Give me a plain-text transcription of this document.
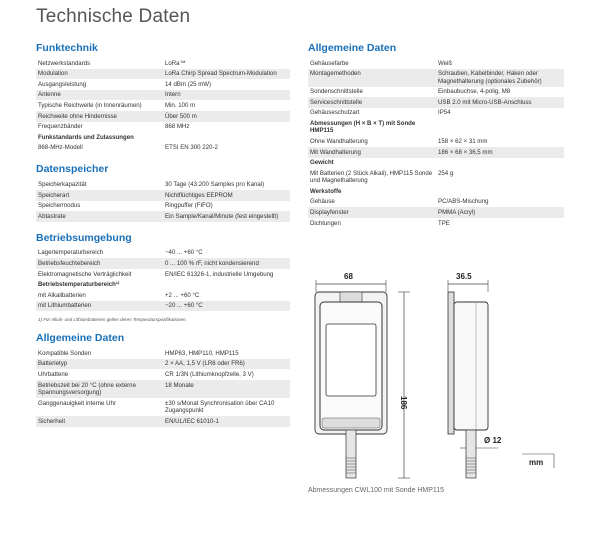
Technische Daten
Funktechnik
Netzwerkstandards	LoRa™
Modulation	LoRa Chirp Spread Spectrum-Modulation
Ausgangsleistung	14 dBm (25 mW)
Antenne	Intern
Typische Reichweite (in Innenräumen)	Min. 100 m
Reichweite ohne Hindernisse	Über 500 m
Frequenzbänder	868 MHz
Funkstandards und Zulassungen	
868-MHz-Modell	ETSI EN 300 220-2
Datenspeicher
Speicherkapazität	30 Tage (43.200 Samples pro Kanal)
Speicherart	Nichtflüchtiges EEPROM
Speichermodus	Ringpuffer (FIFO)
Abtastrate	Ein Sample/Kanal/Minute (fest eingestellt)
Betriebsumgebung
Lagertemperaturbereich	−40 ... +60 °C
Betriebsfeuchtebereich	0 ... 100 % rF, nicht kondensierend
Elektromagnetische Verträglichkeit	EN/IEC 61326-1, industrielle Umgebung
Betriebstemperaturbereich¹⁾	
mit Alkalibatterien	+2 ... +60 °C
mit Lithiumbatterien	−20 ... +60 °C
1) Für Alkali- und Lithiumbatterien gelten deren Temperaturspezifikationen.
Allgemeine Daten
Kompatible Sonden	HMP63, HMP110, HMP115
Batterietyp	2 × AA, 1,5 V (LR6 oder FR6)
Uhrbatterie	CR 1/3N (Lithiumknopfzelle, 3 V)
Betriebszeit bei 20 °C (ohne externe Spannungsversorgung)	18 Monate
Ganggenauigkeit interne Uhr	±30 s/Monat Synchronisation über CA10 Zugangspunkt
Sicherheit	EN/UL/IEC 61010-1
Allgemeine Daten
Gehäusefarbe	Weiß
Montagemethoden	Schrauben, Kabelbinder, Haken oder Magnethalterung (optionales Zubehör)
Sondenschnittstelle	Einbaubuchse, 4-polig, M8
Serviceschnittstelle	USB 2.0 mit Micro-USB-Anschluss
Gehäuseschutzart	IP54
Abmessungen (H × B × T) mit Sonde HMP115	
Ohne Wandhalterung	158 × 62 × 31 mm
Mit Wandhalterung	186 × 68 × 36,5 mm
Gewicht	
Mit Batterien (2 Stück Alkali), HMP115 Sonde und Magnethalterung	254 g
Werkstoffe	
Gehäuse	PC/ABS-Mischung
Displayfenster	PMMA (Acryl)
Dichtungen	TPE
68
186
36.5
Ø 12
mm
Abmessungen CWL100 mit Sonde HMP115
